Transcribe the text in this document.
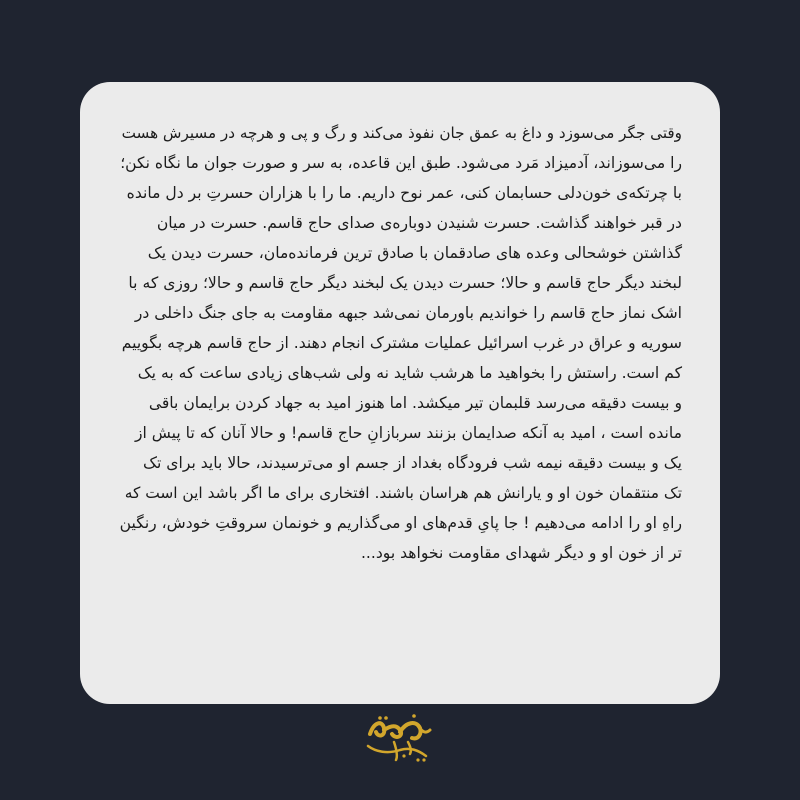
وقتی جگر می‌سوزد و داغ به عمق جان نفوذ می‌کند و رگ و پی و هرچه در مسیرش هست
را می‌سوزاند، آدمیزاد مَرد می‌شود. طبق این قاعده، به سر و صورت جوان ما نگاه نکن؛
با چرتکه‌ی خون‌دلی حسابمان کنی، عمر نوح داریم. ما را با هزاران حسرتِ بر دل مانده
در قبر خواهند گذاشت. حسرت شنیدن دوباره‌ی صدای حاج قاسم. حسرت در میان
گذاشتن خوشحالی وعده های صادقمان با صادق ترین فرمانده‌مان، حسرت دیدن یک
لبخند دیگر حاج قاسم و حالا؛ حسرت دیدن یک لبخند دیگر حاج قاسم و حالا؛ روزی که با
اشک نماز حاج قاسم را خواندیم باورمان نمی‌شد جبهه مقاومت به جای جنگ داخلی در
سوریه و عراق در غرب اسرائیل عملیات مشترک انجام دهند. از حاج قاسم هرچه بگوییم
کم است. راستش را بخواهید ما هرشب شاید نه ولی شب‌های زیادی ساعت که به یک
و بیست دقیقه می‌رسد قلبمان تیر میکشد. اما هنوز امید به جهاد کردن برایمان باقی
مانده است ، امید به آنکه صدایمان بزنند سربازانِ حاج قاسم! و حالا آنان که تا پیش از
یک و بیست دقیقه نیمه شب فرودگاه بغداد از جسم او می‌ترسیدند، حالا باید برای تک
تک منتقمان خون او و یارانش هم هراسان باشند. افتخاری برای ما اگر باشد این است که
راهِ او را ادامه می‌دهیم ! جا پایِ قدم‌های او می‌گذاریم و خونمان سروقتِ خودش، رنگین
تر از خون او و دیگر شهدای مقاومت نخواهد بود...
